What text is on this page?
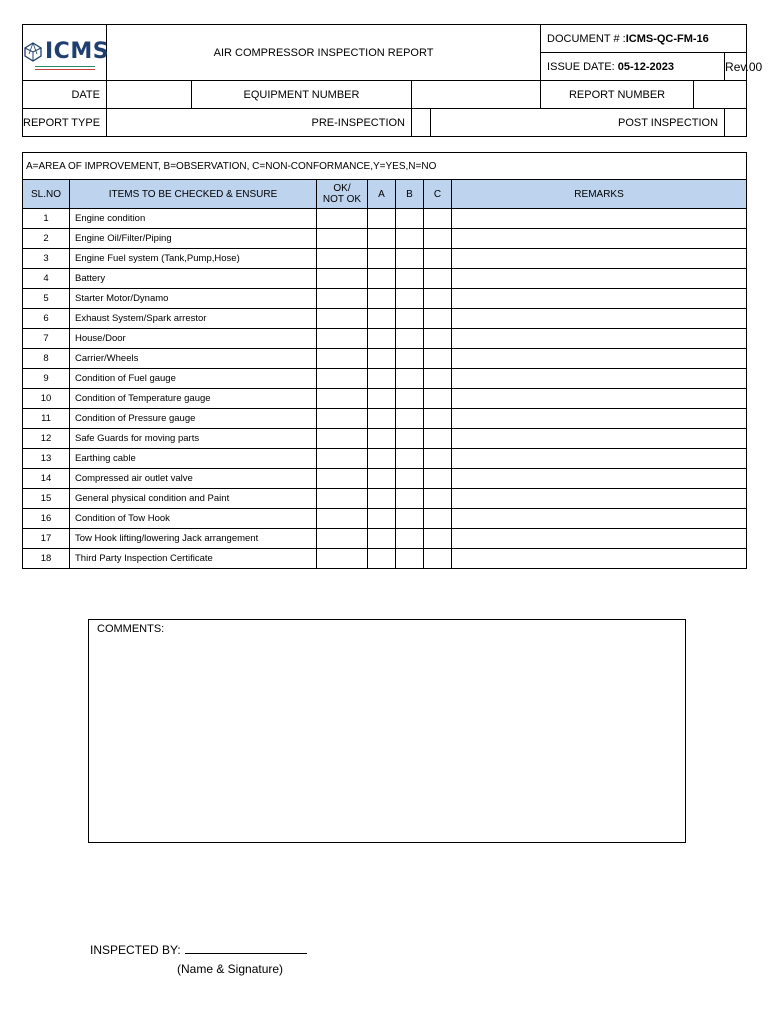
ICMS	AIR COMPRESSOR INSPECTION REPORT				DOCUMENT # :ICMS-QC-FM-16		
					ISSUE DATE: 05-12-2023		Rev.00
DATE		EQUIPMENT NUMBER			REPORT NUMBER		
REPORT TYPE	PRE-INSPECTION			POST INSPECTION			
A=AREA OF IMPROVEMENT, B=OBSERVATION, C=NON-CONFORMANCE,Y=YES,N=NO						
SL.NO	ITEMS TO BE CHECKED & ENSURE	OK/
NOT OK	A	B	C	REMARKS
1	Engine condition					
2	Engine Oil/Filter/Piping					
3	Engine Fuel system (Tank,Pump,Hose)					
4	Battery					
5	Starter Motor/Dynamo					
6	Exhaust System/Spark arrestor					
7	House/Door					
8	Carrier/Wheels					
9	Condition of Fuel gauge					
10	Condition of Temperature gauge					
11	Condition of Pressure gauge					
12	Safe Guards for moving parts					
13	Earthing cable					
14	Compressed air outlet valve					
15	General physical condition and Paint					
16	Condition of Tow Hook					
17	Tow Hook lifting/lowering Jack arrangement					
18	Third Party Inspection Certificate					
COMMENTS:
INSPECTED BY:
(Name & Signature)
